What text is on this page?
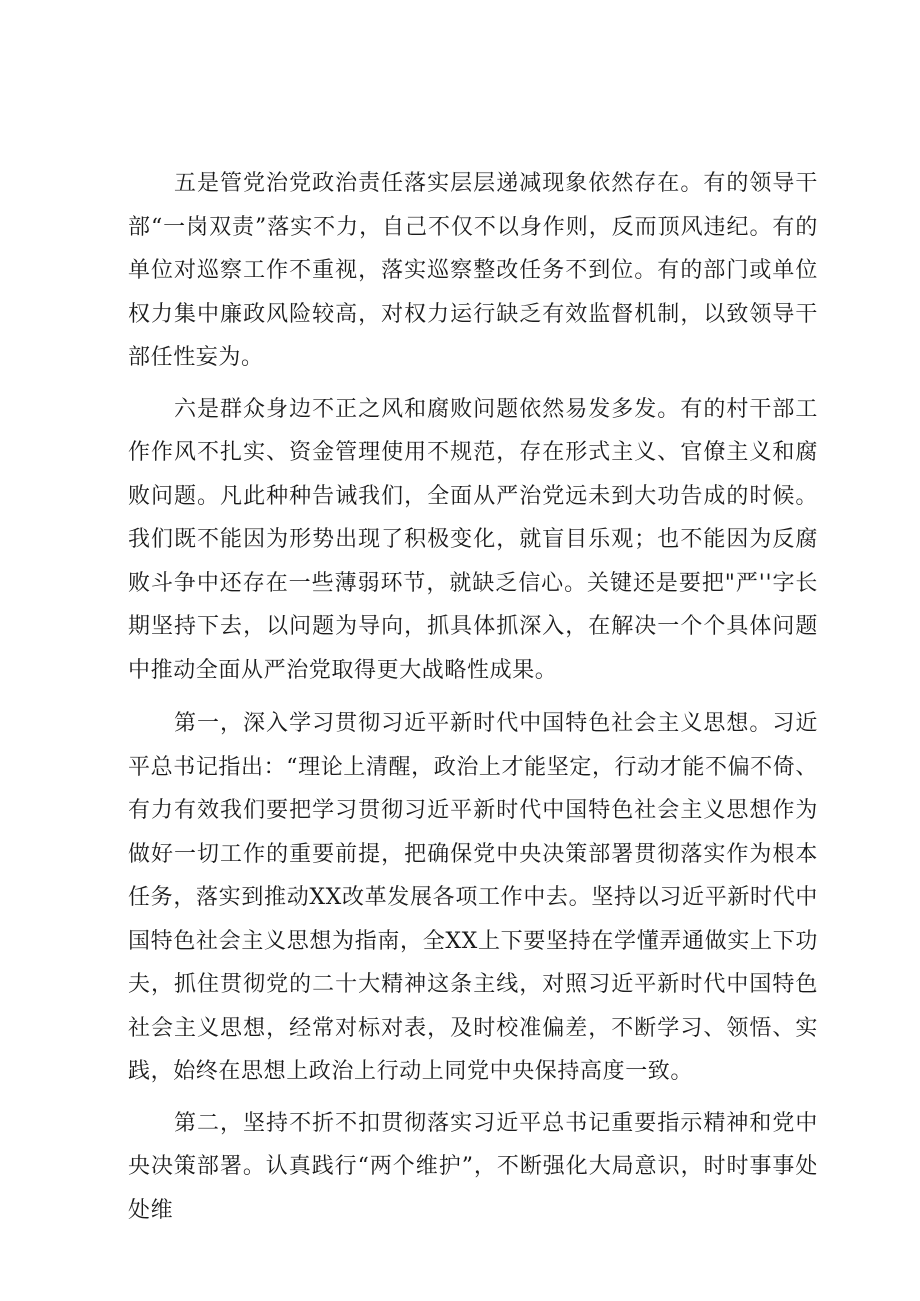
五是管党治党政治责任落实层层递减现象依然存在。有的领导干部“一岗双责”落实不力，自己不仅不以身作则，反而顶风违纪。有的单位对巡察工作不重视，落实巡察整改任务不到位。有的部门或单位权力集中廉政风险较高，对权力运行缺乏有效监督机制，以致领导干部任性妄为。

六是群众身边不正之风和腐败问题依然易发多发。有的村干部工作作风不扎实、资金管理使用不规范，存在形式主义、官僚主义和腐败问题。凡此种种告诫我们，全面从严治党远未到大功告成的时候。我们既不能因为形势出现了积极变化，就盲目乐观；也不能因为反腐败斗争中还存在一些薄弱环节，就缺乏信心。关键还是要把"严''字长期坚持下去，以问题为导向，抓具体抓深入，在解决一个个具体问题中推动全面从严治党取得更大战略性成果。

第一，深入学习贯彻习近平新时代中国特色社会主义思想。习近平总书记指出：“理论上清醒，政治上才能坚定，行动才能不偏不倚、有力有效我们要把学习贯彻习近平新时代中国特色社会主义思想作为做好一切工作的重要前提，把确保党中央决策部署贯彻落实作为根本任务，落实到推动XX改革发展各项工作中去。坚持以习近平新时代中国特色社会主义思想为指南，全XX上下要坚持在学懂弄通做实上下功夫，抓住贯彻党的二十大精神这条主线，对照习近平新时代中国特色社会主义思想，经常对标对表，及时校准偏差，不断学习、领悟、实践，始终在思想上政治上行动上同党中央保持高度一致。

第二，坚持不折不扣贯彻落实习近平总书记重要指示精神和党中央决策部署。认真践行“两个维护”，不断强化大局意识，时时事事处处维
